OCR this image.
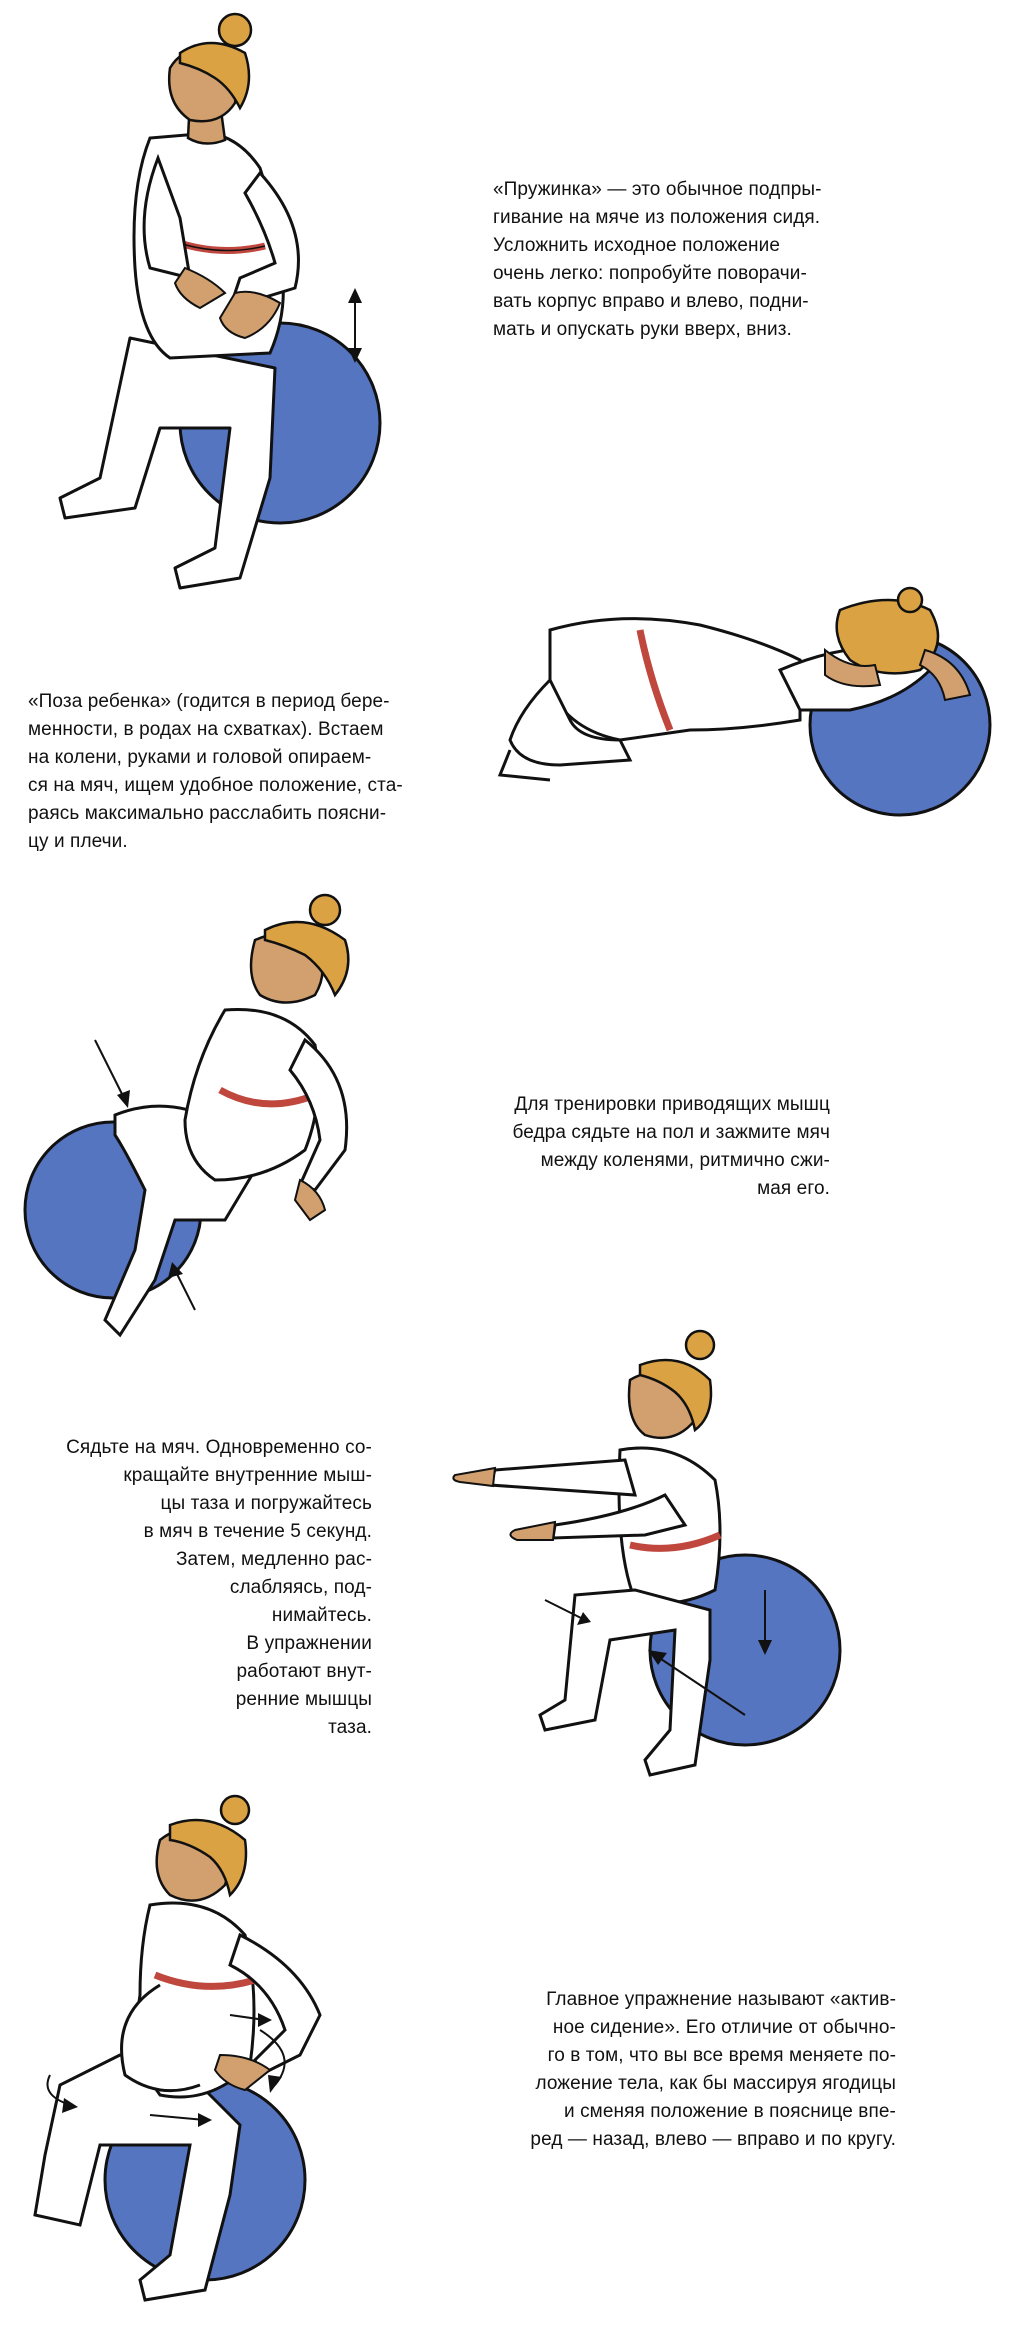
«Пружинка» — это обычное подпры-
гивание на мяче из положения сидя.
Усложнить исходное положение
очень легко: попробуйте поворачи-
вать корпус вправо и влево, подни-
мать и опускать руки вверх, вниз.
«Поза ребенка» (годится в период бере-
менности, в родах на схватках). Встаем
на колени, руками и головой опираем-
ся на мяч, ищем удобное положение, ста-
раясь максимально расслабить поясни-
цу и плечи.
Для тренировки приводящих мышц
бедра сядьте на пол и зажмите мяч
между коленями, ритмично сжи-
мая его.
Сядьте на мяч. Одновременно со-
кращайте внутренние мыш-
цы таза и погружайтесь
в мяч в течение 5 секунд.
Затем, медленно рас-
слабляясь, под-
нимайтесь.
В упражнении
работают внут-
ренние мышцы
таза.
Главное упражнение называют «актив-
ное сидение». Его отличие от обычно-
го в том, что вы все время меняете по-
ложение тела, как бы массируя ягодицы
и сменяя положение в пояснице впе-
ред — назад, влево — вправо и по кругу.
